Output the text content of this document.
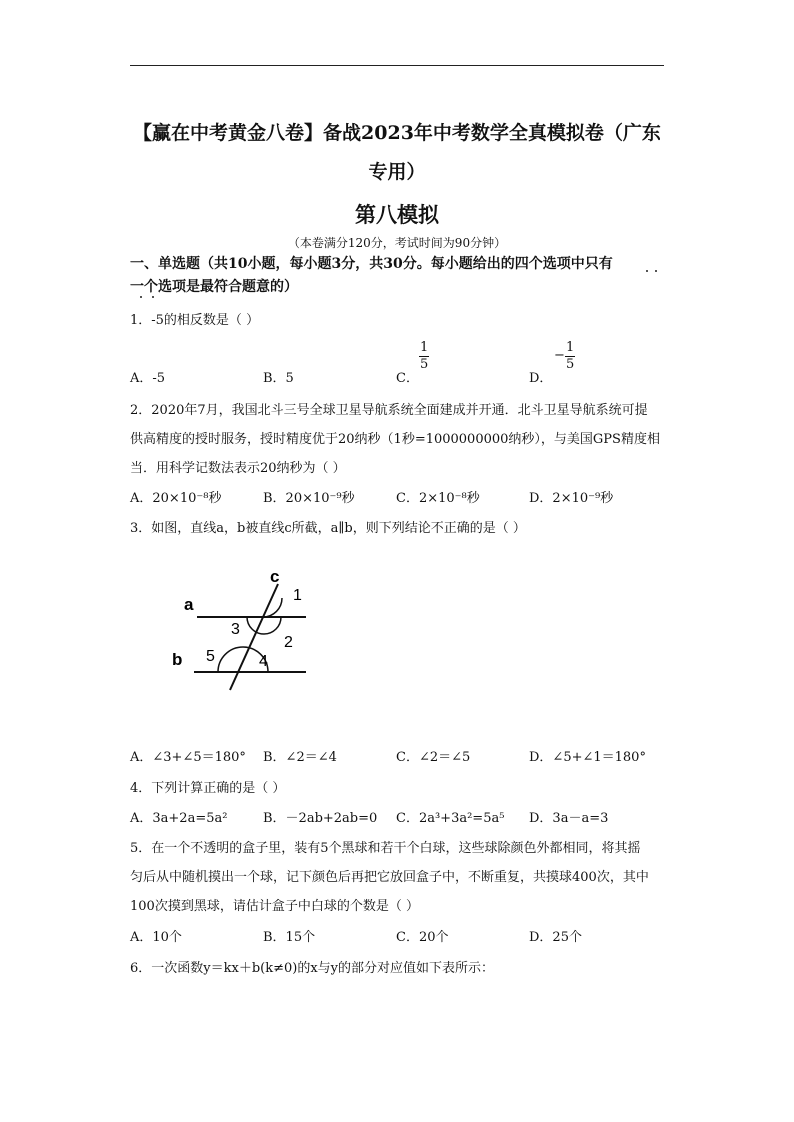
【赢在中考黄金八卷】备战2023年中考数学全真模拟卷（广东
专用）
第八模拟
（本卷满分120分，考试时间为90分钟）
一、单选题（共10小题，每小题3分，共30分。每小题给出的四个选项中只有
一个选项是最符合题意的）
1．-5的相反数是（ ）
A．-5	B．5	C．
$\frac{1}{5}$
D．
− $\frac{1}{5}$
2．2020年7月，我国北斗三号全球卫星导航系统全面建成并开通．北斗卫星导航系统可提
供高精度的授时服务，授时精度优于20纳秒（1秒=1000000000纳秒），与美国GPS精度相
当．用科学记数法表示20纳秒为（ ）
A．20×10⁻⁸秒	B．20×10⁻⁹秒	C．2×10⁻⁸秒	D．2×10⁻⁹秒
3．如图，直线a，b被直线c所截，a∥b，则下列结论不正确的是（ ）
c
a
b
1
2
3
4
5
A．∠3+∠5＝180° B．∠2＝∠4	C．∠2＝∠5	D．∠5+∠1＝180°
4．下列计算正确的是（ ）
A．3a+2a=5a²	B．－2ab+2ab=0 C．2a³+3a²=5a⁵ D．3a－a=3
5．在一个不透明的盒子里，装有5个黑球和若干个白球，这些球除颜色外都相同，将其摇
匀后从中随机摸出一个球，记下颜色后再把它放回盒子中，不断重复，共摸球400次，其中
100次摸到黑球，请估计盒子中白球的个数是（ ）
A．10个	B．15个	C．20个	D．25个
6．一次函数y＝kx＋b(k≠0)的x与y的部分对应值如下表所示：
